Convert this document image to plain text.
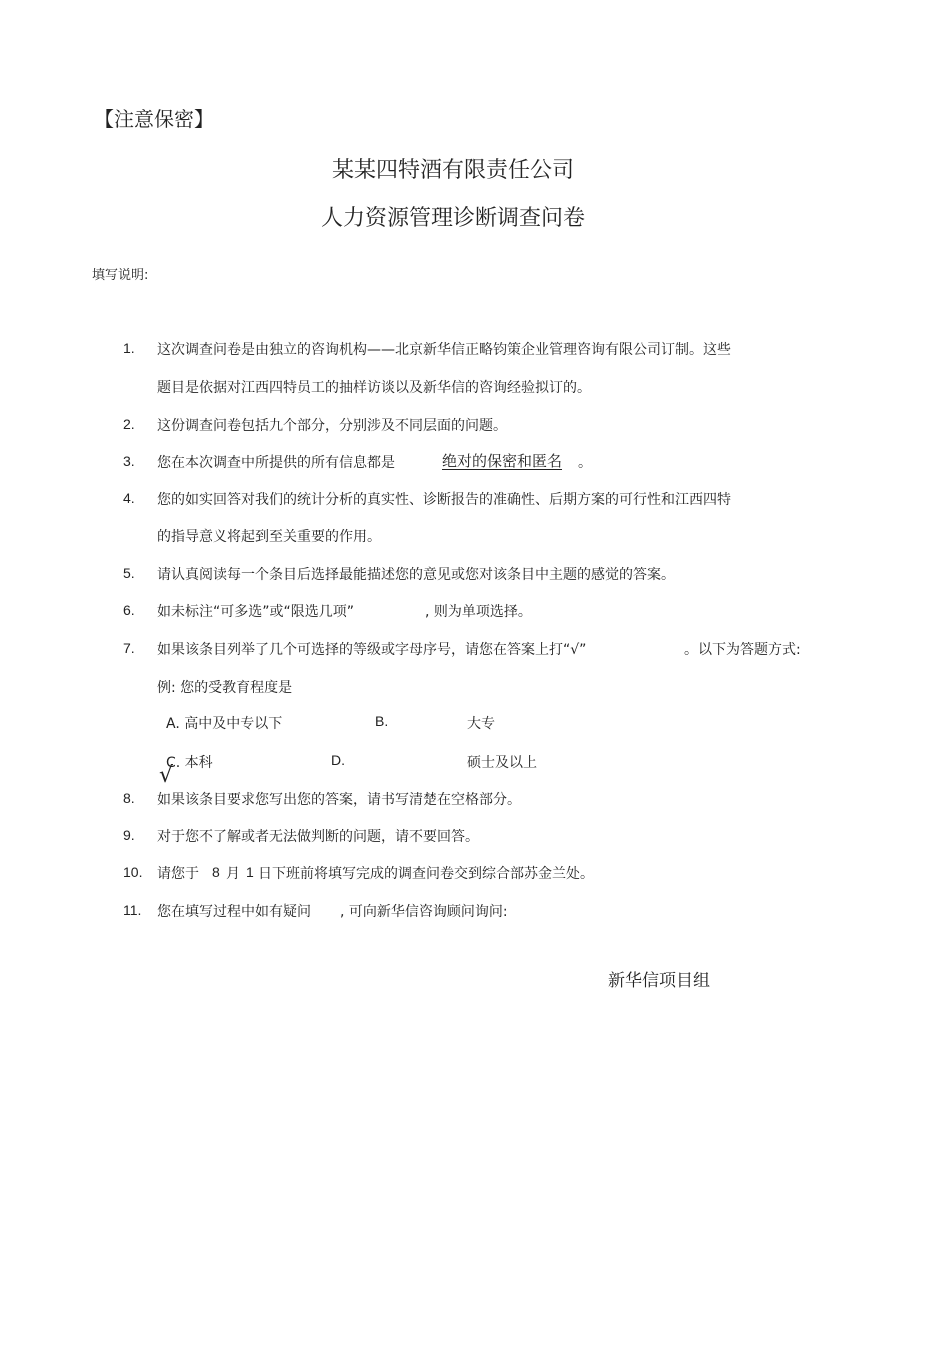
【注意保密】
某某四特酒有限责任公司
人力资源管理诊断调查问卷
填写说明:
1. 这次调查问卷是由独立的咨询机构——北京新华信正略钧策企业管理咨询有限公司订制。这些
题目是依据对江西四特员工的抽样访谈以及新华信的咨询经验拟订的。
2. 这份调查问卷包括九个部分，分别涉及不同层面的问题。
3. 您在本次调查中所提供的所有信息都是	绝对的保密和匿名 。
4. 您的如实回答对我们的统计分析的真实性、诊断报告的准确性、后期方案的可行性和江西四特
的指导意义将起到至关重要的作用。
5. 请认真阅读每一个条目后选择最能描述您的意见或您对该条目中主题的感觉的答案。
6. 如未标注“可多选”或“限选几项”	, 则为单项选择。
7. 如果该条目列举了几个可选择的等级或字母序号，请您在答案上打“√”	。以下为答题方式:
例: 您的受教育程度是
A. 高中及中专以下	B.	大专
C. 本科	D.	硕士及以上
√
8. 如果该条目要求您写出您的答案，请书写清楚在空格部分。
9. 对于您不了解或者无法做判断的问题，请不要回答。
10. 请您于 8 月 1 日下班前将填写完成的调查问卷交到综合部苏金兰处。
11. 您在填写过程中如有疑问 , 可向新华信咨询顾问询问:
新华信项目组
